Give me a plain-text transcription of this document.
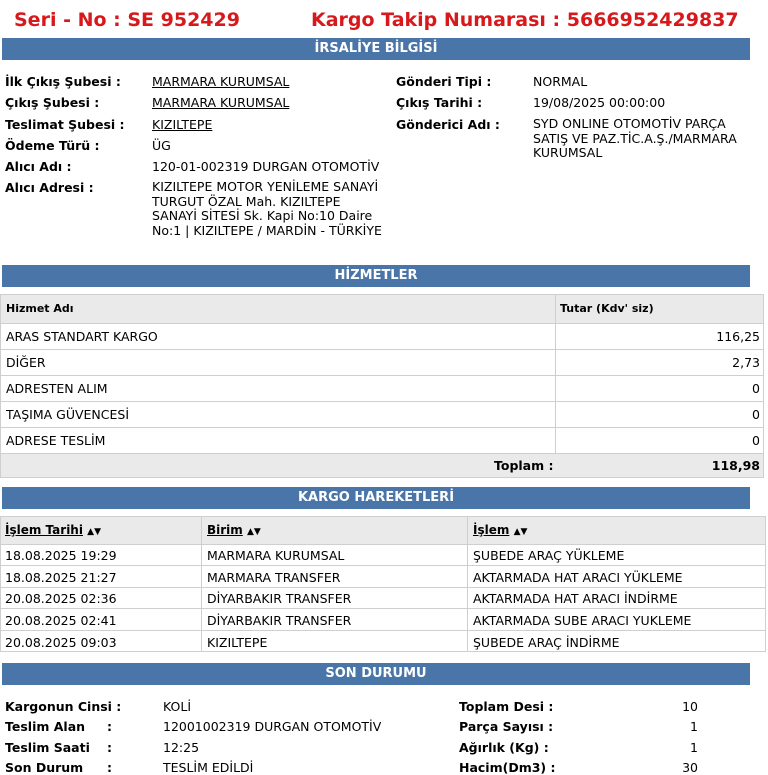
Seri - No : SE 952429	Kargo Takip Numarası : 5666952429837
İRSALİYE BİLGİSİ
İlk Çıkış Şubesi : MARMARA KURUMSAL
Çıkış Şubesi :	MARMARA KURUMSAL
Teslimat Şubesi : KIZILTEPE
Ödeme Türü :	ÜG
Alıcı Adı :	120-01-002319 DURGAN OTOMOTİV
Alıcı Adresi :	KIZILTEPE MOTOR YENİLEME SANAYİ TURGUT ÖZAL Mah. KIZILTEPE SANAYİ SİTESİ Sk. Kapi No:10 Daire No:1 | KIZILTEPE / MARDİN - TÜRKİYE
Gönderi Tipi :	NORMAL
Çıkış Tarihi :	19/08/2025 00:00:00
Gönderici Adı :	SYD ONLINE OTOMOTİV PARÇA SATIŞ VE PAZ.TİC.A.Ş./MARMARA KURUMSAL
HİZMETLER
Hizmet Adı	Tutar (Kdv' siz)
ARAS STANDART KARGO	116,25
DİĞER	2,73
ADRESTEN ALIM	0
TAŞIMA GÜVENCESİ	0
ADRESE TESLİM	0
Toplam :	118,98
KARGO HAREKETLERİ
İşlem Tarihi ▲▼	Birim ▲▼	İşlem ▲▼
18.08.2025 19:29	MARMARA KURUMSAL	ŞUBEDE ARAÇ YÜKLEME
18.08.2025 21:27	MARMARA TRANSFER	AKTARMADA HAT ARACI YÜKLEME
20.08.2025 02:36	DİYARBAKIR TRANSFER	AKTARMADA HAT ARACI İNDİRME
20.08.2025 02:41	DİYARBAKIR TRANSFER	AKTARMADA SUBE ARACI YUKLEME
20.08.2025 09:03	KIZILTEPE	ŞUBEDE ARAÇ İNDİRME
SON DURUMU
Kargonun Cinsi :	KOLİ
Teslim Alan :	12001002319 DURGAN OTOMOTİV
Teslim Saati :	12:25
Son Durum :	TESLİM EDİLDİ
Toplam Desi :	10
Parça Sayısı :	1
Ağırlık (Kg) :	1
Hacim(Dm3) :	30
